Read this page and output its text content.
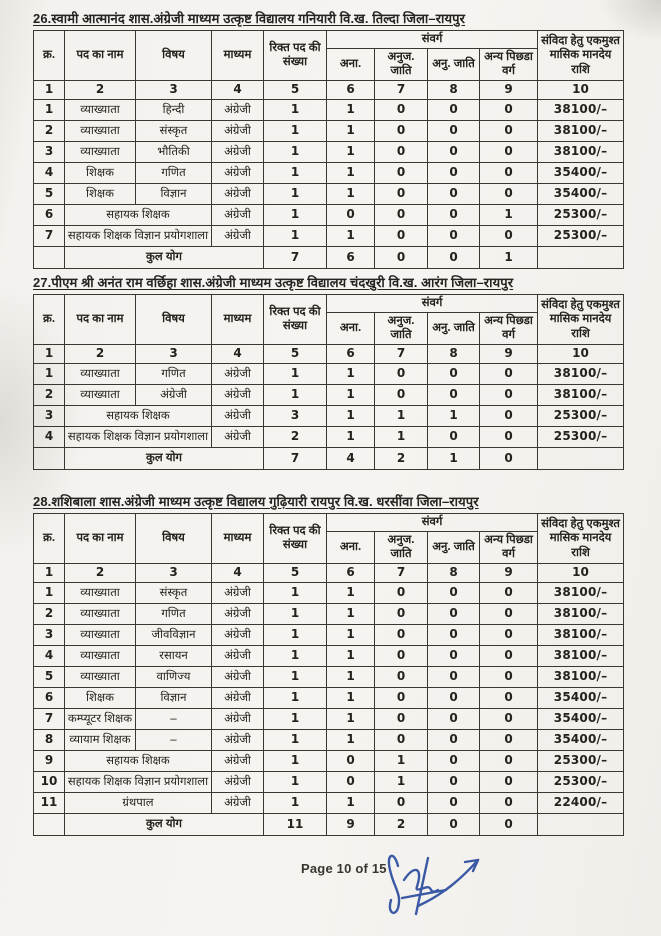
26.स्वामी आत्मानंद शास.अंग्रेजी माध्यम उत्कृष्ट विद्यालय गनियारी वि.ख. तिल्दा जिला–रायपुर
क्र.	पद का नाम	विषय	माध्यम	रिक्त पद की संख्या	संवर्ग				संविदा हेतु एकमुश्त मासिक मानदेय राशि
					अना.	अनुज. जाति	अनु. जाति	अन्य पिछडा वर्ग	
1	2	3	4	5	6	7	8	9	10
1	व्याख्याता	हिन्दी	अंग्रेजी	1	1	0	0	0	38100/–
2	व्याख्याता	संस्कृत	अंग्रेजी	1	1	0	0	0	38100/–
3	व्याख्याता	भौतिकी	अंग्रेजी	1	1	0	0	0	38100/–
4	शिक्षक	गणित	अंग्रेजी	1	1	0	0	0	35400/–
5	शिक्षक	विज्ञान	अंग्रेजी	1	1	0	0	0	35400/–
6	सहायक शिक्षक		अंग्रेजी	1	0	0	0	1	25300/–
7	सहायक शिक्षक विज्ञान प्रयोगशाला		अंग्रेजी	1	1	0	0	0	25300/–
	कुल योग			7	6	0	0	1	
27.पीएम श्री अनंत राम वर्छिहा शास.अंग्रेजी माध्यम उत्कृष्ट विद्यालय चंदखुरी वि.ख. आरंग जिला–रायपुर
क्र.	पद का नाम	विषय	माध्यम	रिक्त पद की संख्या	संवर्ग				संविदा हेतु एकमुश्त मासिक मानदेय राशि
					अना.	अनुज. जाति	अनु. जाति	अन्य पिछडा वर्ग	
1	2	3	4	5	6	7	8	9	10
1	व्याख्याता	गणित	अंग्रेजी	1	1	0	0	0	38100/–
2	व्याख्याता	अंग्रेजी	अंग्रेजी	1	1	0	0	0	38100/–
3	सहायक शिक्षक		अंग्रेजी	3	1	1	1	0	25300/–
4	सहायक शिक्षक विज्ञान प्रयोगशाला		अंग्रेजी	2	1	1	0	0	25300/–
	कुल योग			7	4	2	1	0	
28.शशिबाला शास.अंग्रेजी माध्यम उत्कृष्ट विद्यालय गुढ़ियारी रायपुर वि.ख. धरसींवा जिला–रायपुर
क्र.	पद का नाम	विषय	माध्यम	रिक्त पद की संख्या	संवर्ग				संविदा हेतु एकमुश्त मासिक मानदेय राशि
					अना.	अनुज. जाति	अनु. जाति	अन्य पिछडा वर्ग	
1	2	3	4	5	6	7	8	9	10
1	व्याख्याता	संस्कृत	अंग्रेजी	1	1	0	0	0	38100/–
2	व्याख्याता	गणित	अंग्रेजी	1	1	0	0	0	38100/–
3	व्याख्याता	जीवविज्ञान	अंग्रेजी	1	1	0	0	0	38100/–
4	व्याख्याता	रसायन	अंग्रेजी	1	1	0	0	0	38100/–
5	व्याख्याता	वाणिज्य	अंग्रेजी	1	1	0	0	0	38100/–
6	शिक्षक	विज्ञान	अंग्रेजी	1	1	0	0	0	35400/–
7	कम्प्यूटर शिक्षक	–	अंग्रेजी	1	1	0	0	0	35400/–
8	व्यायाम शिक्षक	–	अंग्रेजी	1	1	0	0	0	35400/–
9	सहायक शिक्षक		अंग्रेजी	1	0	1	0	0	25300/–
10	सहायक शिक्षक विज्ञान प्रयोगशाला		अंग्रेजी	1	0	1	0	0	25300/–
11	ग्रंथपाल		अंग्रेजी	1	1	0	0	0	22400/–
	कुल योग			11	9	2	0	0	
Page 10 of 15
